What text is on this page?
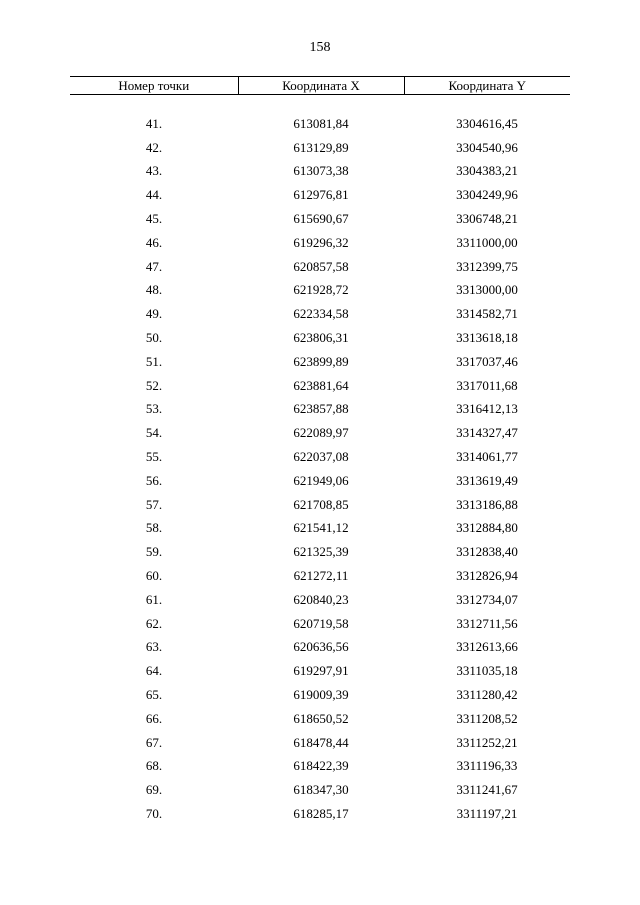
158
Номер точки	Координата X	Координата Y

41.	613081,84	3304616,45
42.	613129,89	3304540,96
43.	613073,38	3304383,21
44.	612976,81	3304249,96
45.	615690,67	3306748,21
46.	619296,32	3311000,00
47.	620857,58	3312399,75
48.	621928,72	3313000,00
49.	622334,58	3314582,71
50.	623806,31	3313618,18
51.	623899,89	3317037,46
52.	623881,64	3317011,68
53.	623857,88	3316412,13
54.	622089,97	3314327,47
55.	622037,08	3314061,77
56.	621949,06	3313619,49
57.	621708,85	3313186,88
58.	621541,12	3312884,80
59.	621325,39	3312838,40
60.	621272,11	3312826,94
61.	620840,23	3312734,07
62.	620719,58	3312711,56
63.	620636,56	3312613,66
64.	619297,91	3311035,18
65.	619009,39	3311280,42
66.	618650,52	3311208,52
67.	618478,44	3311252,21
68.	618422,39	3311196,33
69.	618347,30	3311241,67
70.	618285,17	3311197,21
